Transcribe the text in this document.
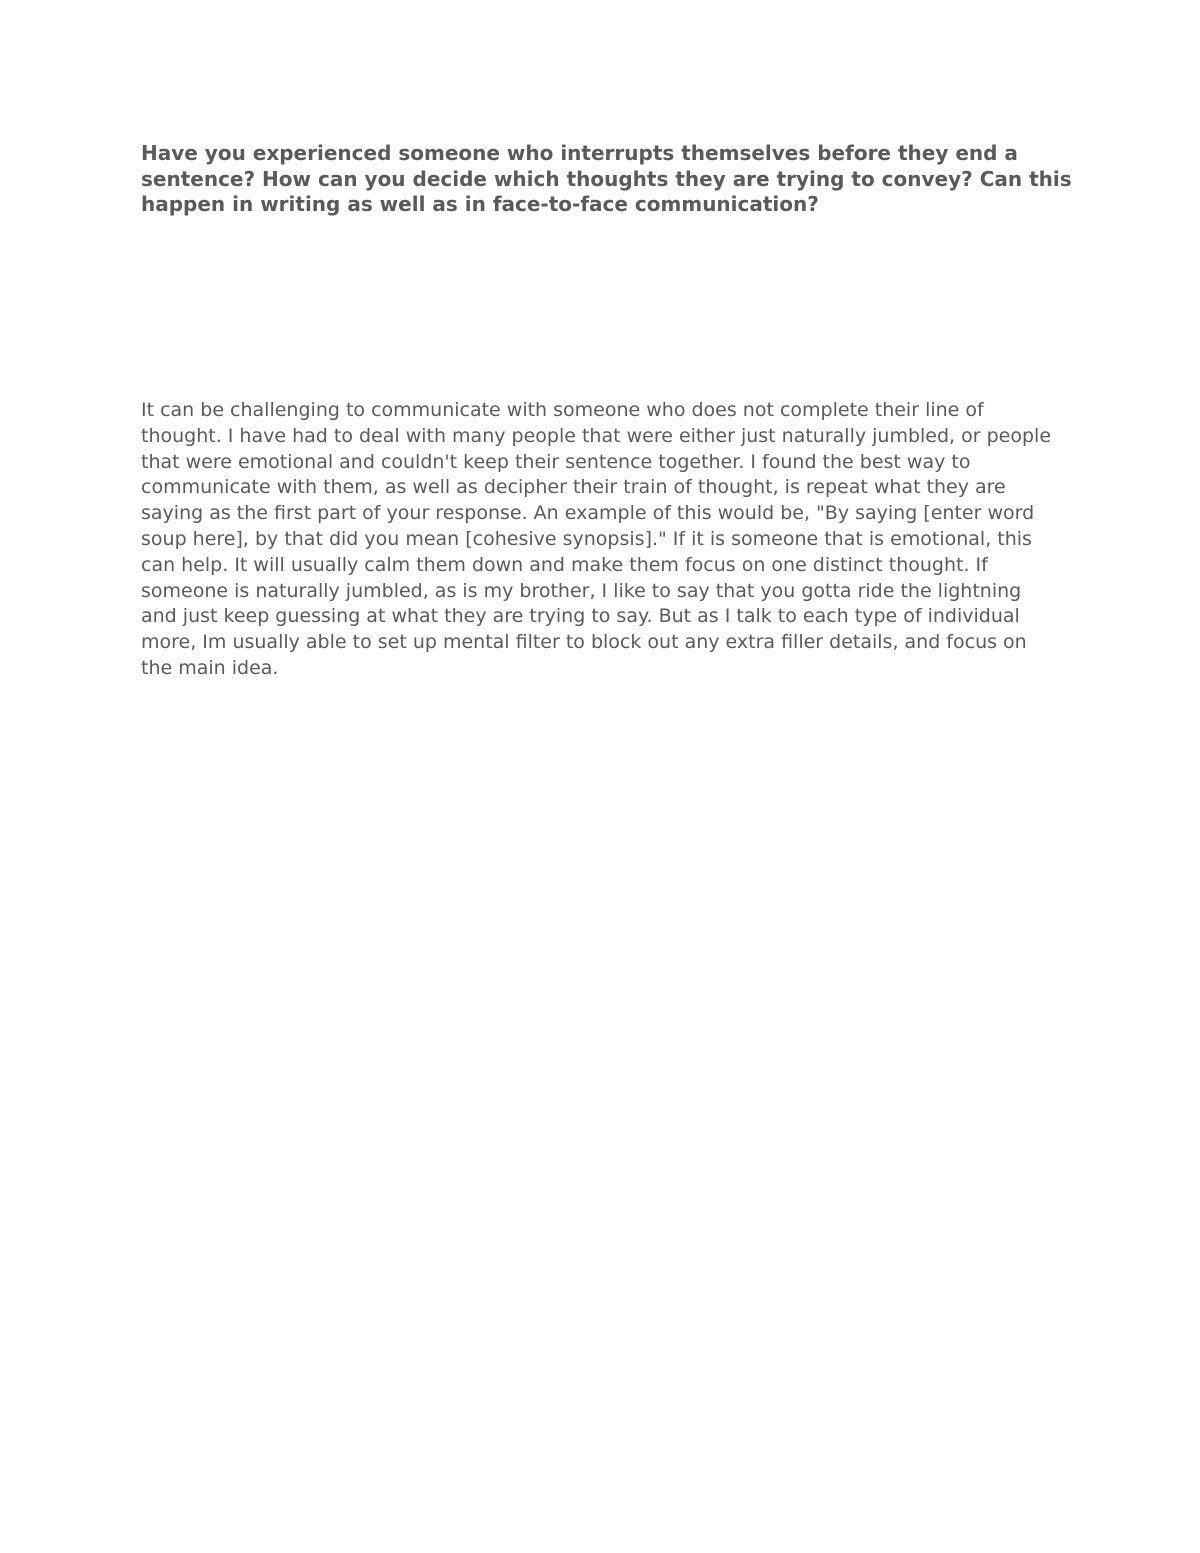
Have you experienced someone who interrupts themselves before they end a sentence? How can you decide which thoughts they are trying to convey? Can this happen in writing as well as in face-to-face communication?

It can be challenging to communicate with someone who does not complete their line of thought. I have had to deal with many people that were either just naturally jumbled, or people that were emotional and couldn't keep their sentence together. I found the best way to communicate with them, as well as decipher their train of thought, is repeat what they are saying as the first part of your response. An example of this would be, "By saying [enter word soup here], by that did you mean [cohesive synopsis]." If it is someone that is emotional, this can help. It will usually calm them down and make them focus on one distinct thought. If someone is naturally jumbled, as is my brother, I like to say that you gotta ride the lightning and just keep guessing at what they are trying to say. But as I talk to each type of individual more, Im usually able to set up mental filter to block out any extra filler details, and focus on the main idea.
